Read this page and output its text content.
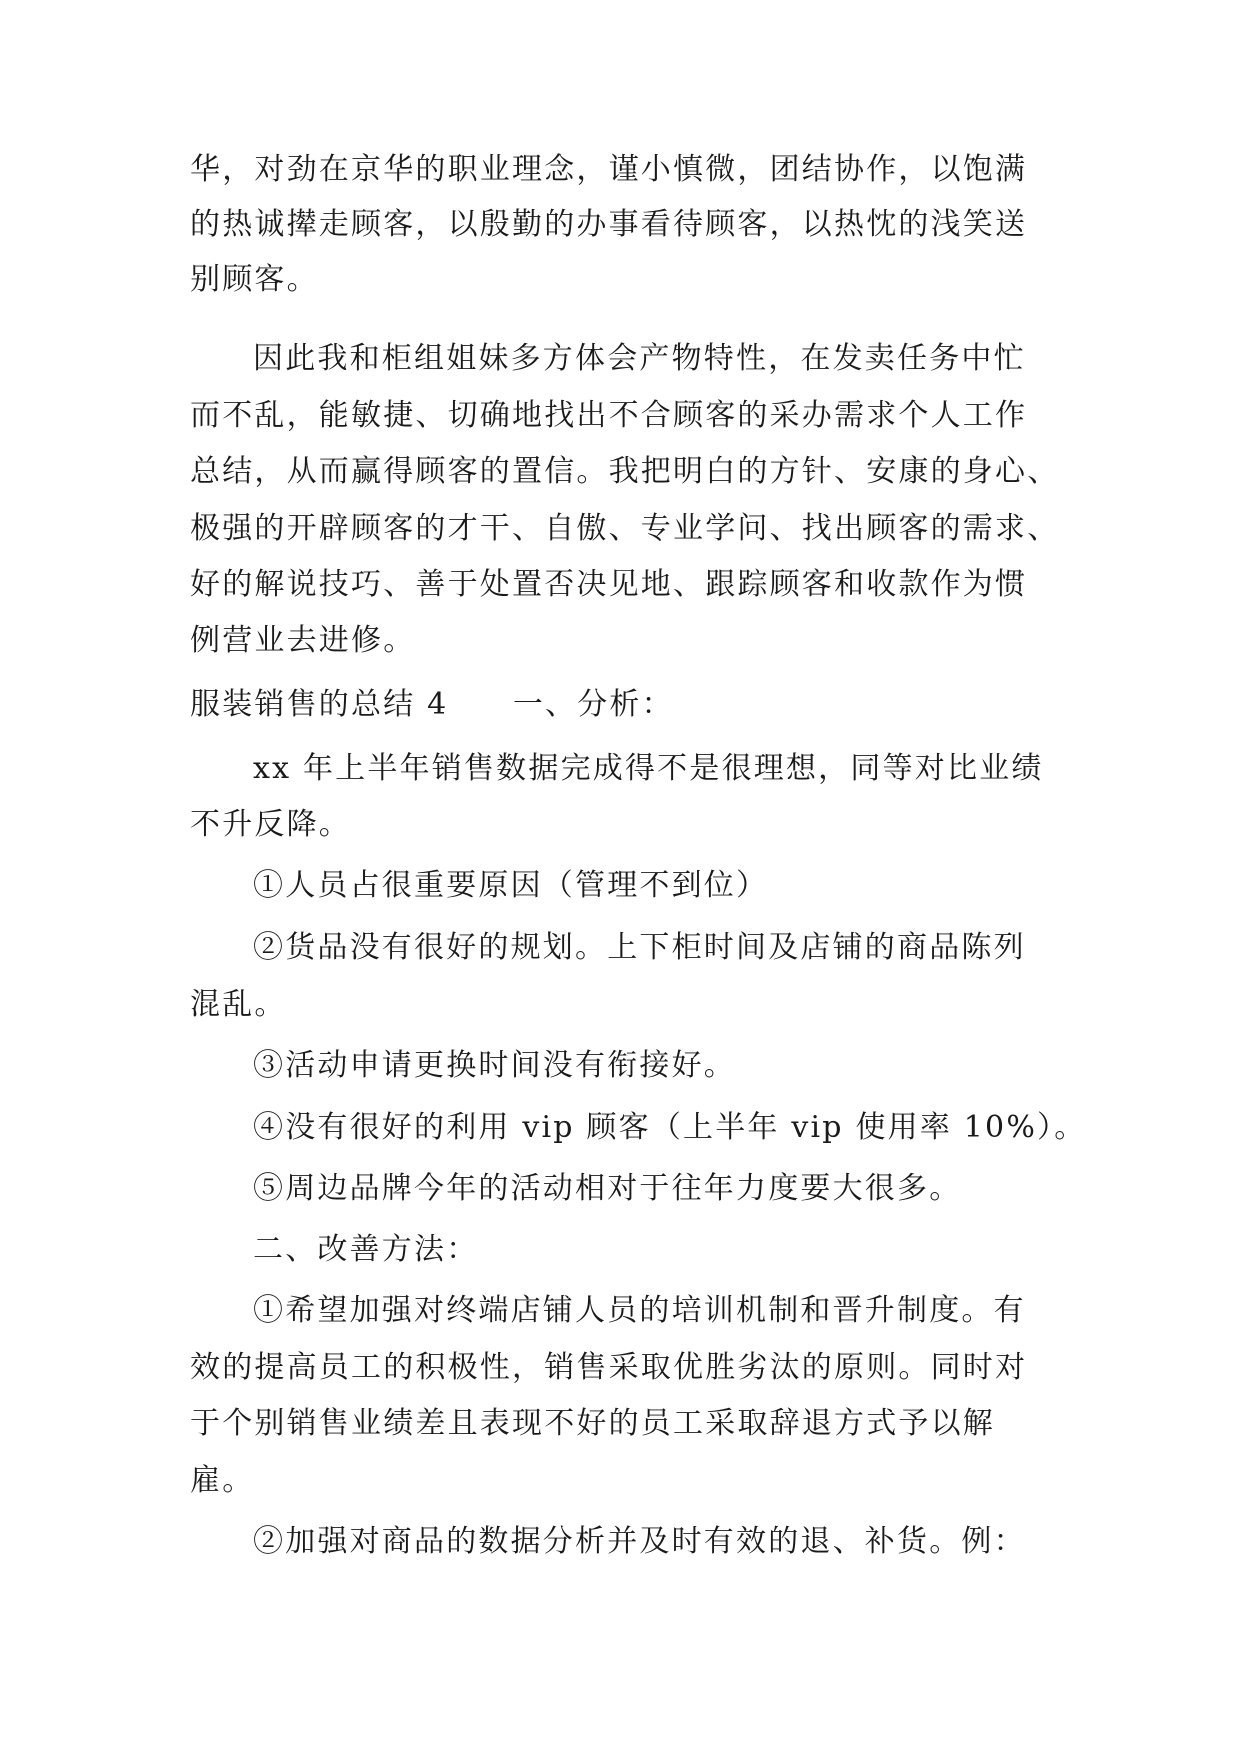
华，对劲在京华的职业理念，谨小慎微，团结协作，以饱满
的热诚撵走顾客，以殷勤的办事看待顾客，以热忱的浅笑送
别顾客。
因此我和柜组姐妹多方体会产物特性，在发卖任务中忙
而不乱，能敏捷、切确地找出不合顾客的采办需求个人工作
总结，从而赢得顾客的置信。我把明白的方针、安康的身心、
极强的开辟顾客的才干、自傲、专业学问、找出顾客的需求、
好的解说技巧、善于处置否决见地、跟踪顾客和收款作为惯
例营业去进修。
服装销售的总结 4　　一、分析：
xx 年上半年销售数据完成得不是很理想，同等对比业绩
不升反降。
①人员占很重要原因（管理不到位）
②货品没有很好的规划。上下柜时间及店铺的商品陈列
混乱。
③活动申请更换时间没有衔接好。
④没有很好的利用 vip 顾客（上半年 vip 使用率 10%）。
⑤周边品牌今年的活动相对于往年力度要大很多。
二、改善方法：
①希望加强对终端店铺人员的培训机制和晋升制度。有
效的提高员工的积极性，销售采取优胜劣汰的原则。同时对
于个别销售业绩差且表现不好的员工采取辞退方式予以解
雇。
②加强对商品的数据分析并及时有效的退、补货。例：
